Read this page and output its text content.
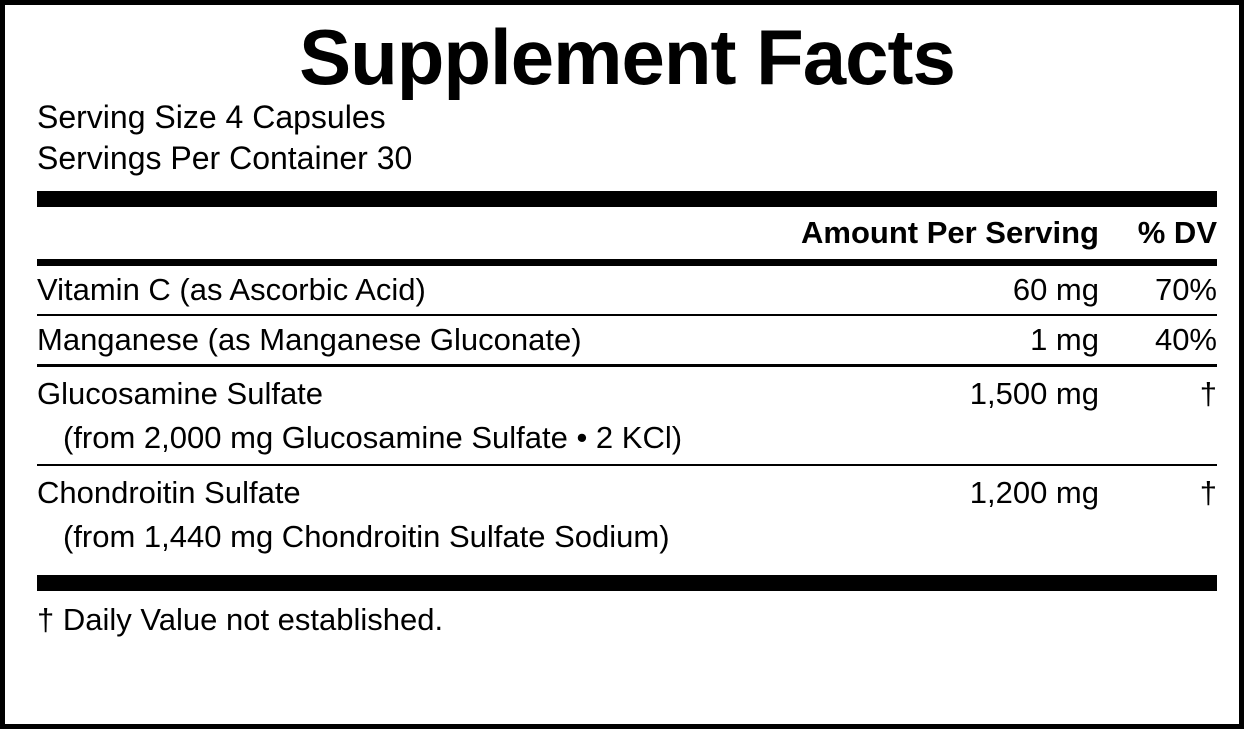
Supplement Facts
Serving Size 4 Capsules
Servings Per Container 30
Amount Per Serving	% DV
Vitamin C (as Ascorbic Acid)	60 mg	70%
Manganese (as Manganese Gluconate)	1 mg	40%
Glucosamine Sulfate	1,500 mg	†
(from 2,000 mg Glucosamine Sulfate • 2 KCl)
Chondroitin Sulfate	1,200 mg	†
(from 1,440 mg Chondroitin Sulfate Sodium)
† Daily Value not established.
